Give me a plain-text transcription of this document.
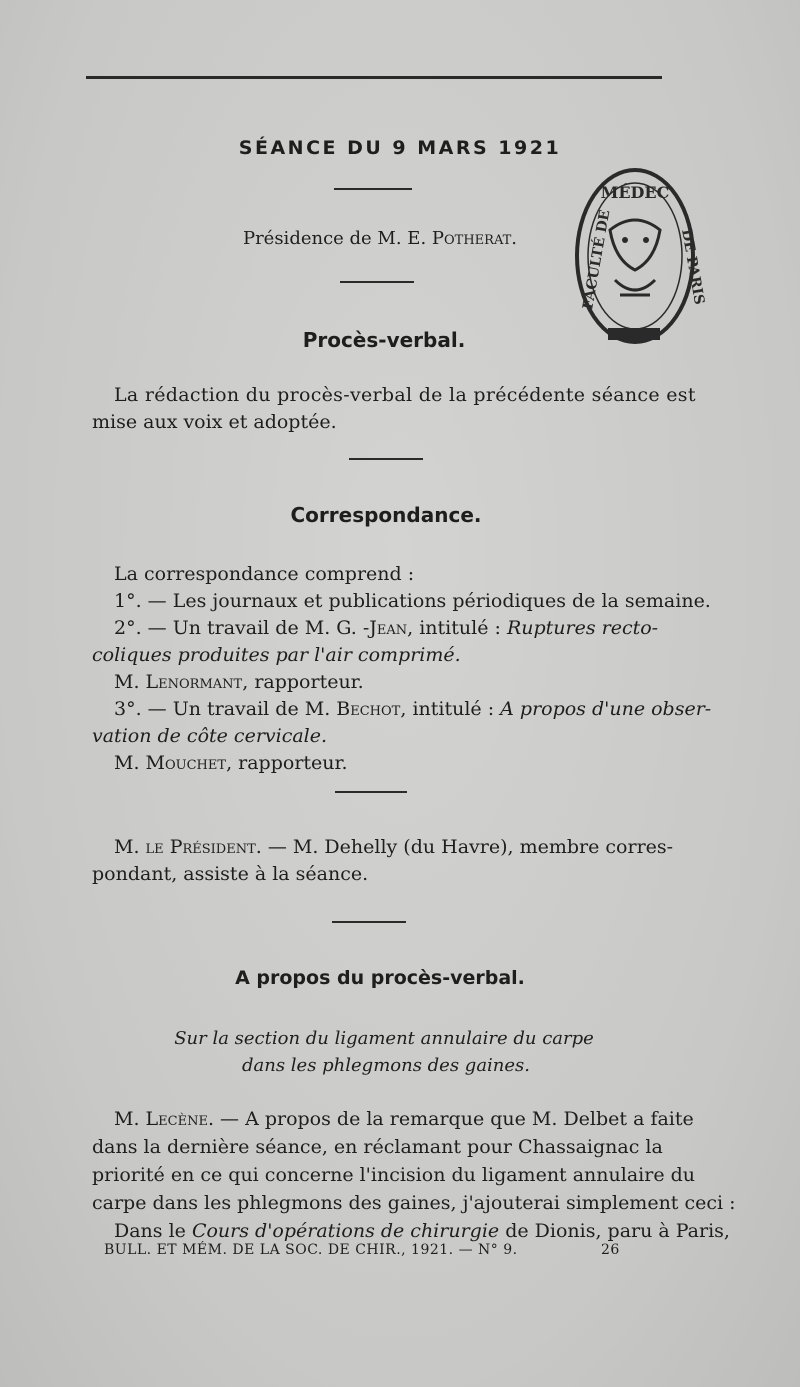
SÉANCE DU 9 MARS 1921
Présidence de M. E. Potherat.
MÉDEC
FACULTÉ DE	DE PARIS
Procès-verbal.
La rédaction du procès-verbal de la précédente séance est
mise aux voix et adoptée.
Correspondance.
La correspondance comprend :
1°. — Les journaux et publications périodiques de la semaine.
2°. — Un travail de M. G. -Jean, intitulé : Ruptures recto-
coliques produites par l'air comprimé.
M. Lenormant, rapporteur.
3°. — Un travail de M. Bechot, intitulé : A propos d'une obser-
vation de côte cervicale.
M. Mouchet, rapporteur.
M. le Président. — M. Dehelly (du Havre), membre corres-
pondant, assiste à la séance.
A propos du procès-verbal.
Sur la section du ligament annulaire du carpe
dans les phlegmons des gaines.
M. Lecène. — A propos de la remarque que M. Delbet a faite
dans la dernière séance, en réclamant pour Chassaignac la
priorité en ce qui concerne l'incision du ligament annulaire du
carpe dans les phlegmons des gaines, j'ajouterai simplement ceci :
Dans le Cours d'opérations de chirurgie de Dionis, paru à Paris,
BULL. ET MÉM. DE LA SOC. DE CHIR., 1921. — N° 9.	26
